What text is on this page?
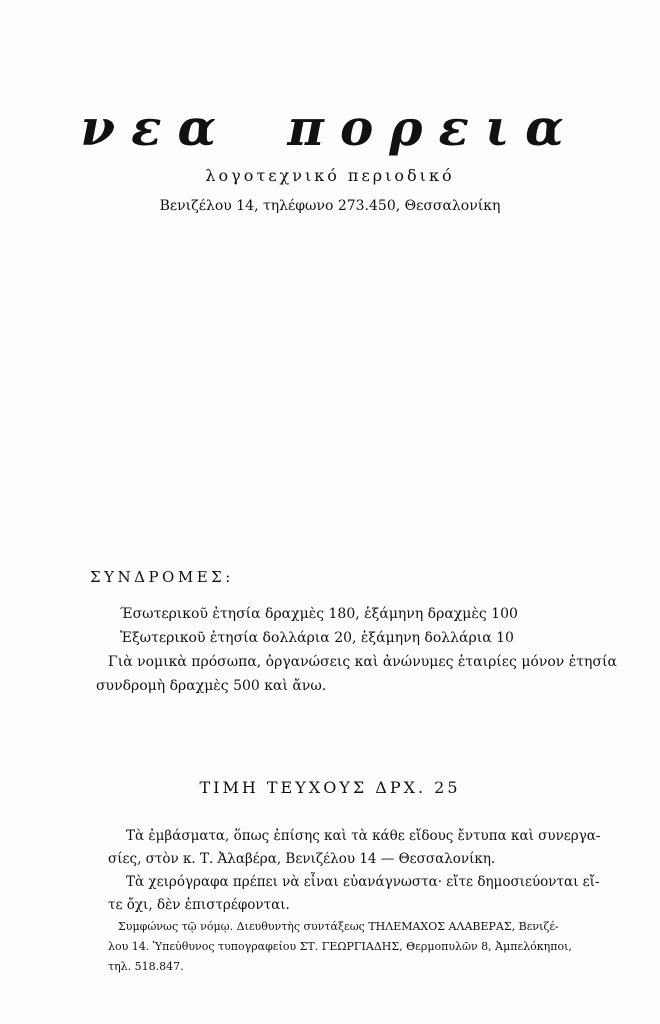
νεα πορεια
λογοτεχνικό περιοδικό
Βενιζέλου 14, τηλέφωνο 273.450, Θεσσαλονίκη
ΣΥΝΔΡΟΜΕΣ:
Έσωτερικοῦ ἐτησία δραχμὲς 180, ἑξάμηνη δραχμὲς 100
Ἐξωτερικοῦ ἐτησία δολλάρια 20, ἑξάμηνη δολλάρια 10
Γιὰ νομικὰ πρόσωπα, ὀργανώσεις καὶ ἀνώνυμες ἑταιρίες μόνον ἐτησία
συνδρομὴ δραχμὲς 500 καὶ ἄνω.
ΤΙΜΗ ΤΕΥΧΟΥΣ ΔΡΧ. 25
Τὰ ἐμβάσματα, ὅπως ἐπίσης καὶ τὰ κάθε εἴδους ἔντυπα καὶ συνεργα-
σίες, στὸν κ. Τ. Ἀλαβέρα, Βενιζέλου 14 — Θεσσαλονίκη.
Τὰ χειρόγραφα πρέπει νὰ εἶναι εὐανάγνωστα· εἴτε δημοσιεύονται εἴ-
τε ὄχι, δὲν ἐπιστρέφονται.
Συμφώνως τῷ νόμῳ. Διευθυντὴς συντάξεως ΤΗΛΕΜΑΧΟΣ ΑΛΑΒΕΡΑΣ, Βενιζέ-
λου 14. Ὑπεύθυνος τυπογραφείου ΣΤ. ΓΕΩΡΓΙΑΔΗΣ, Θερμοπυλῶν 8, Ἀμπελόκηποι,
τηλ. 518.847.
